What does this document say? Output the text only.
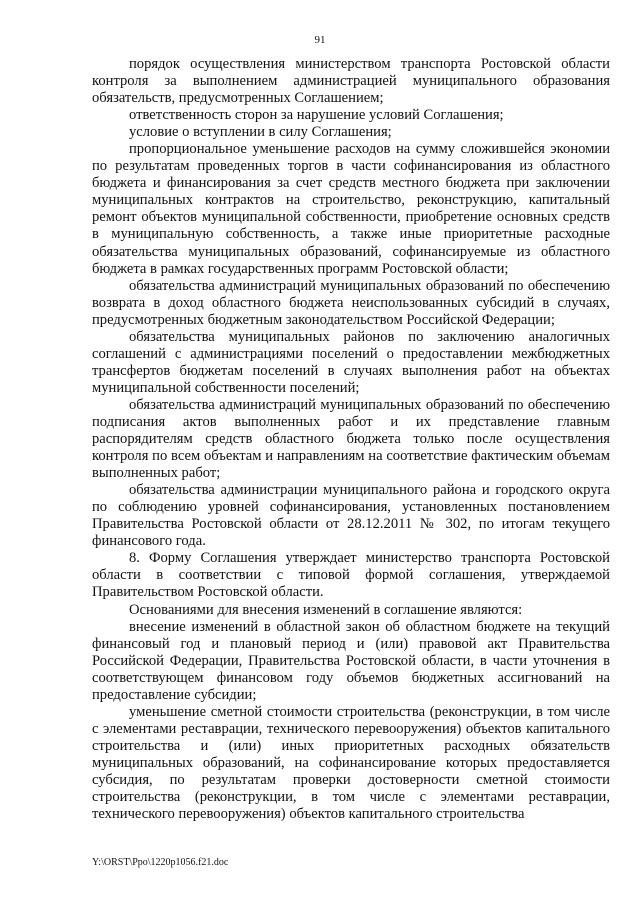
91

порядок осуществления министерством транспорта Ростовской области контроля за выполнением администрацией муниципального образования обязательств, предусмотренных Соглашением;

ответственность сторон за нарушение условий Соглашения;

условие о вступлении в силу Соглашения;

пропорциональное уменьшение расходов на сумму сложившейся экономии по результатам проведенных торгов в части софинансирования из областного бюджета и финансирования за счет средств местного бюджета при заключении муниципальных контрактов на строительство, реконструкцию, капитальный ремонт объектов муниципальной собственности, приобретение основных средств в муниципальную собственность, а также иные приоритетные расходные обязательства муниципальных образований, софинансируемые из областного бюджета в рамках государственных программ Ростовской области;

обязательства администраций муниципальных образований по обеспечению возврата в доход областного бюджета неиспользованных субсидий в случаях, предусмотренных бюджетным законодательством Российской Федерации;

обязательства муниципальных районов по заключению аналогичных соглашений с администрациями поселений о предоставлении межбюджетных трансфертов бюджетам поселений в случаях выполнения работ на объектах муниципальной собственности поселений;

обязательства администраций муниципальных образований по обеспечению подписания актов выполненных работ и их представление главным распорядителям средств областного бюджета только после осуществления контроля по всем объектам и направлениям на соответствие фактическим объемам выполненных работ;

обязательства администрации муниципального района и городского округа по соблюдению уровней софинансирования, установленных постановлением Правительства Ростовской области от 28.12.2011 № 302, по итогам текущего финансового года.

8. Форму Соглашения утверждает министерство транспорта Ростовской области в соответствии с типовой формой соглашения, утверждаемой Правительством Ростовской области.

Основаниями для внесения изменений в соглашение являются:

внесение изменений в областной закон об областном бюджете на текущий финансовый год и плановый период и (или) правовой акт Правительства Российской Федерации, Правительства Ростовской области, в части уточнения в соответствующем финансовом году объемов бюджетных ассигнований на предоставление субсидии;

уменьшение сметной стоимости строительства (реконструкции, в том числе с элементами реставрации, технического перевооружения) объектов капитального строительства и (или) иных приоритетных расходных обязательств муниципальных образований, на софинансирование которых предоставляется субсидия, по результатам проверки достоверности сметной стоимости строительства (реконструкции, в том числе с элементами реставрации, технического перевооружения) объектов капитального строительства

Y:\ORST\Ppo\1220p1056.f21.doc
